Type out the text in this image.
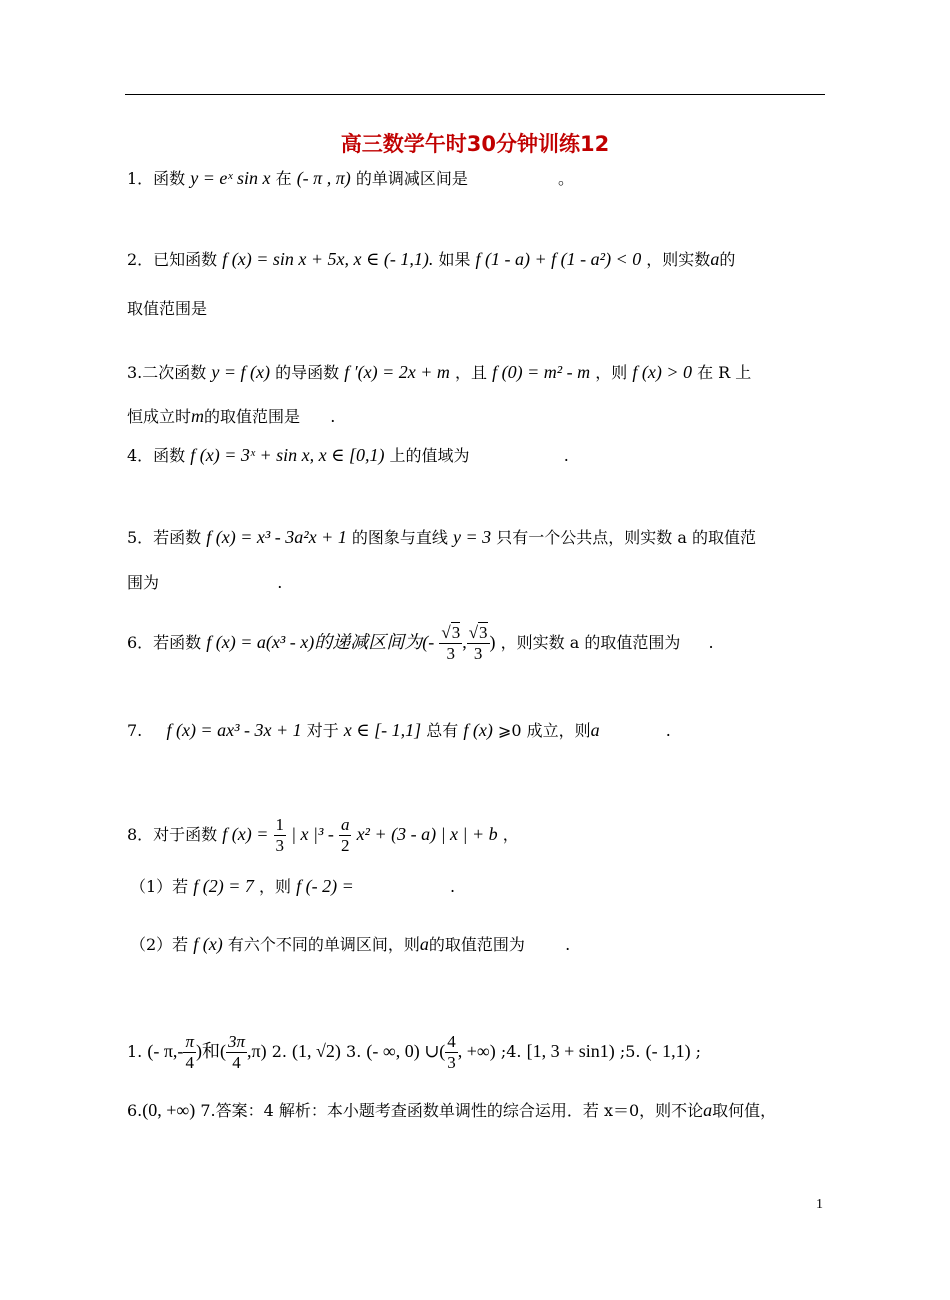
高三数学午时30分钟训练12
1．函数 y = eˣ sin x 在 (- π , π) 的单调减区间是	。
2．已知函数 f (x) = sin x + 5x, x ∈ (- 1,1). 如果 f (1 - a) + f (1 - a²) < 0 ，则实数a的
取值范围是
3.二次函数 y = f (x) 的导函数 f ′(x) = 2x + m ，且 f (0) = m² - m ，则 f (x) > 0 在 R 上
恒成立时m的取值范围是 .
4．函数 f (x) = 3ˣ + sin x, x ∈ [0,1) 上的值域为	.
5．若函数 f (x) = x³ - 3a²x + 1 的图象与直线 y = 3 只有一个公共点，则实数 a 的取值范
围为	.
6．若函数 f (x) = a(x³ - x)的递减区间为(- $\frac{√3}{3}$ , $\frac{√3}{3}$ ) ，则实数 a 的取值范围为 .
7. f (x) = ax³ - 3x + 1 对于 x ∈ [- 1,1] 总有 f (x) ⩾0 成立，则a	.
8．对于函数 f $(x) = \frac{1}{3}$ | x $|^3 - \frac{a}{2} x^2 + (3 - a)$ | x | + b ，
（1）若 f (2) = 7 ，则 f (- 2) =	.
（2）若 f (x) 有六个不同的单调区间，则a的取值范围为	.
1. (- $\pi,- \frac{\pi}{4}$ )和( $\frac{3\pi}{4} ,\pi$) 2. (1, √2) 3. (- ∞, 0) ∪( $\frac{4}{3}$ , +∞) ;4. [1, 3 + sin1) ;5. (- 1,1) ;
6.(0, +∞) 7.答案：4 解析：本小题考查函数单调性的综合运用．若 x＝0，则不论a取何值，
1
